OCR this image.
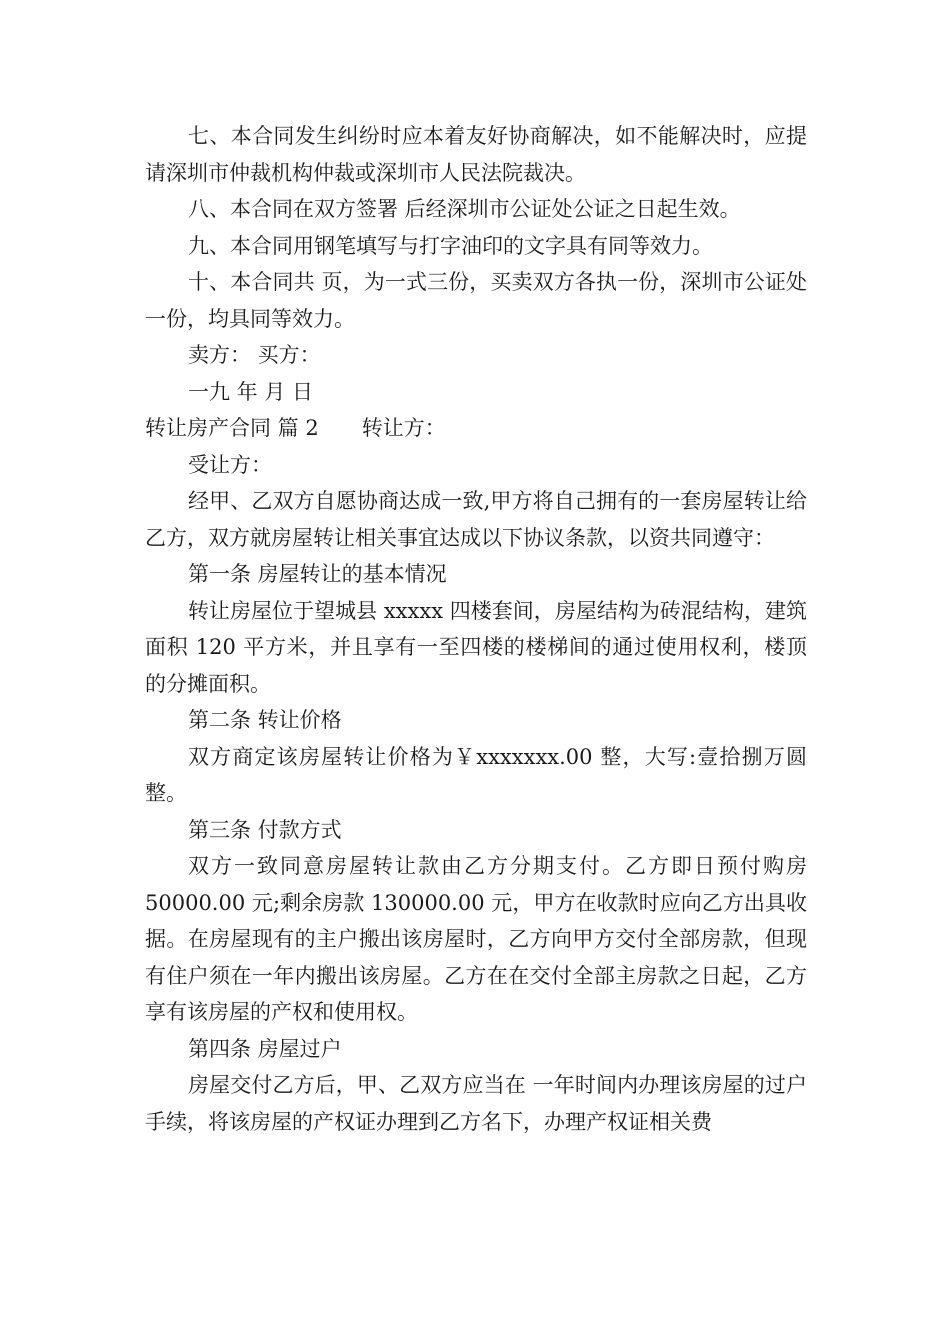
七、本合同发生纠纷时应本着友好协商解决，如不能解决时，应提请深圳市仲裁机构仲裁或深圳市人民法院裁决。

八、本合同在双方签署 后经深圳市公证处公证之日起生效。

九、本合同用钢笔填写与打字油印的文字具有同等效力。

十、本合同共 页，为一式三份，买卖双方各执一份，深圳市公证处一份，均具同等效力。

卖方： 买方：

一九 年 月 日

转让房产合同 篇 2 转让方：

受让方：

经甲、乙双方自愿协商达成一致,甲方将自己拥有的一套房屋转让给乙方，双方就房屋转让相关事宜达成以下协议条款，以资共同遵守：

第一条 房屋转让的基本情况

转让房屋位于望城县 xxxxx 四楼套间，房屋结构为砖混结构，建筑面积 120 平方米，并且享有一至四楼的楼梯间的通过使用权利，楼顶的分摊面积。

第二条 转让价格

双方商定该房屋转让价格为￥xxxxxxx.00 整，大写:壹拾捌万圆整。

第三条 付款方式

双方一致同意房屋转让款由乙方分期支付。乙方即日预付购房 50000.00 元;剩余房款 130000.00 元，甲方在收款时应向乙方出具收据。在房屋现有的主户搬出该房屋时，乙方向甲方交付全部房款，但现有住户须在一年内搬出该房屋。乙方在在交付全部主房款之日起，乙方享有该房屋的产权和使用权。

第四条 房屋过户

房屋交付乙方后，甲、乙双方应当在 一年时间内办理该房屋的过户手续，将该房屋的产权证办理到乙方名下，办理产权证相关费
